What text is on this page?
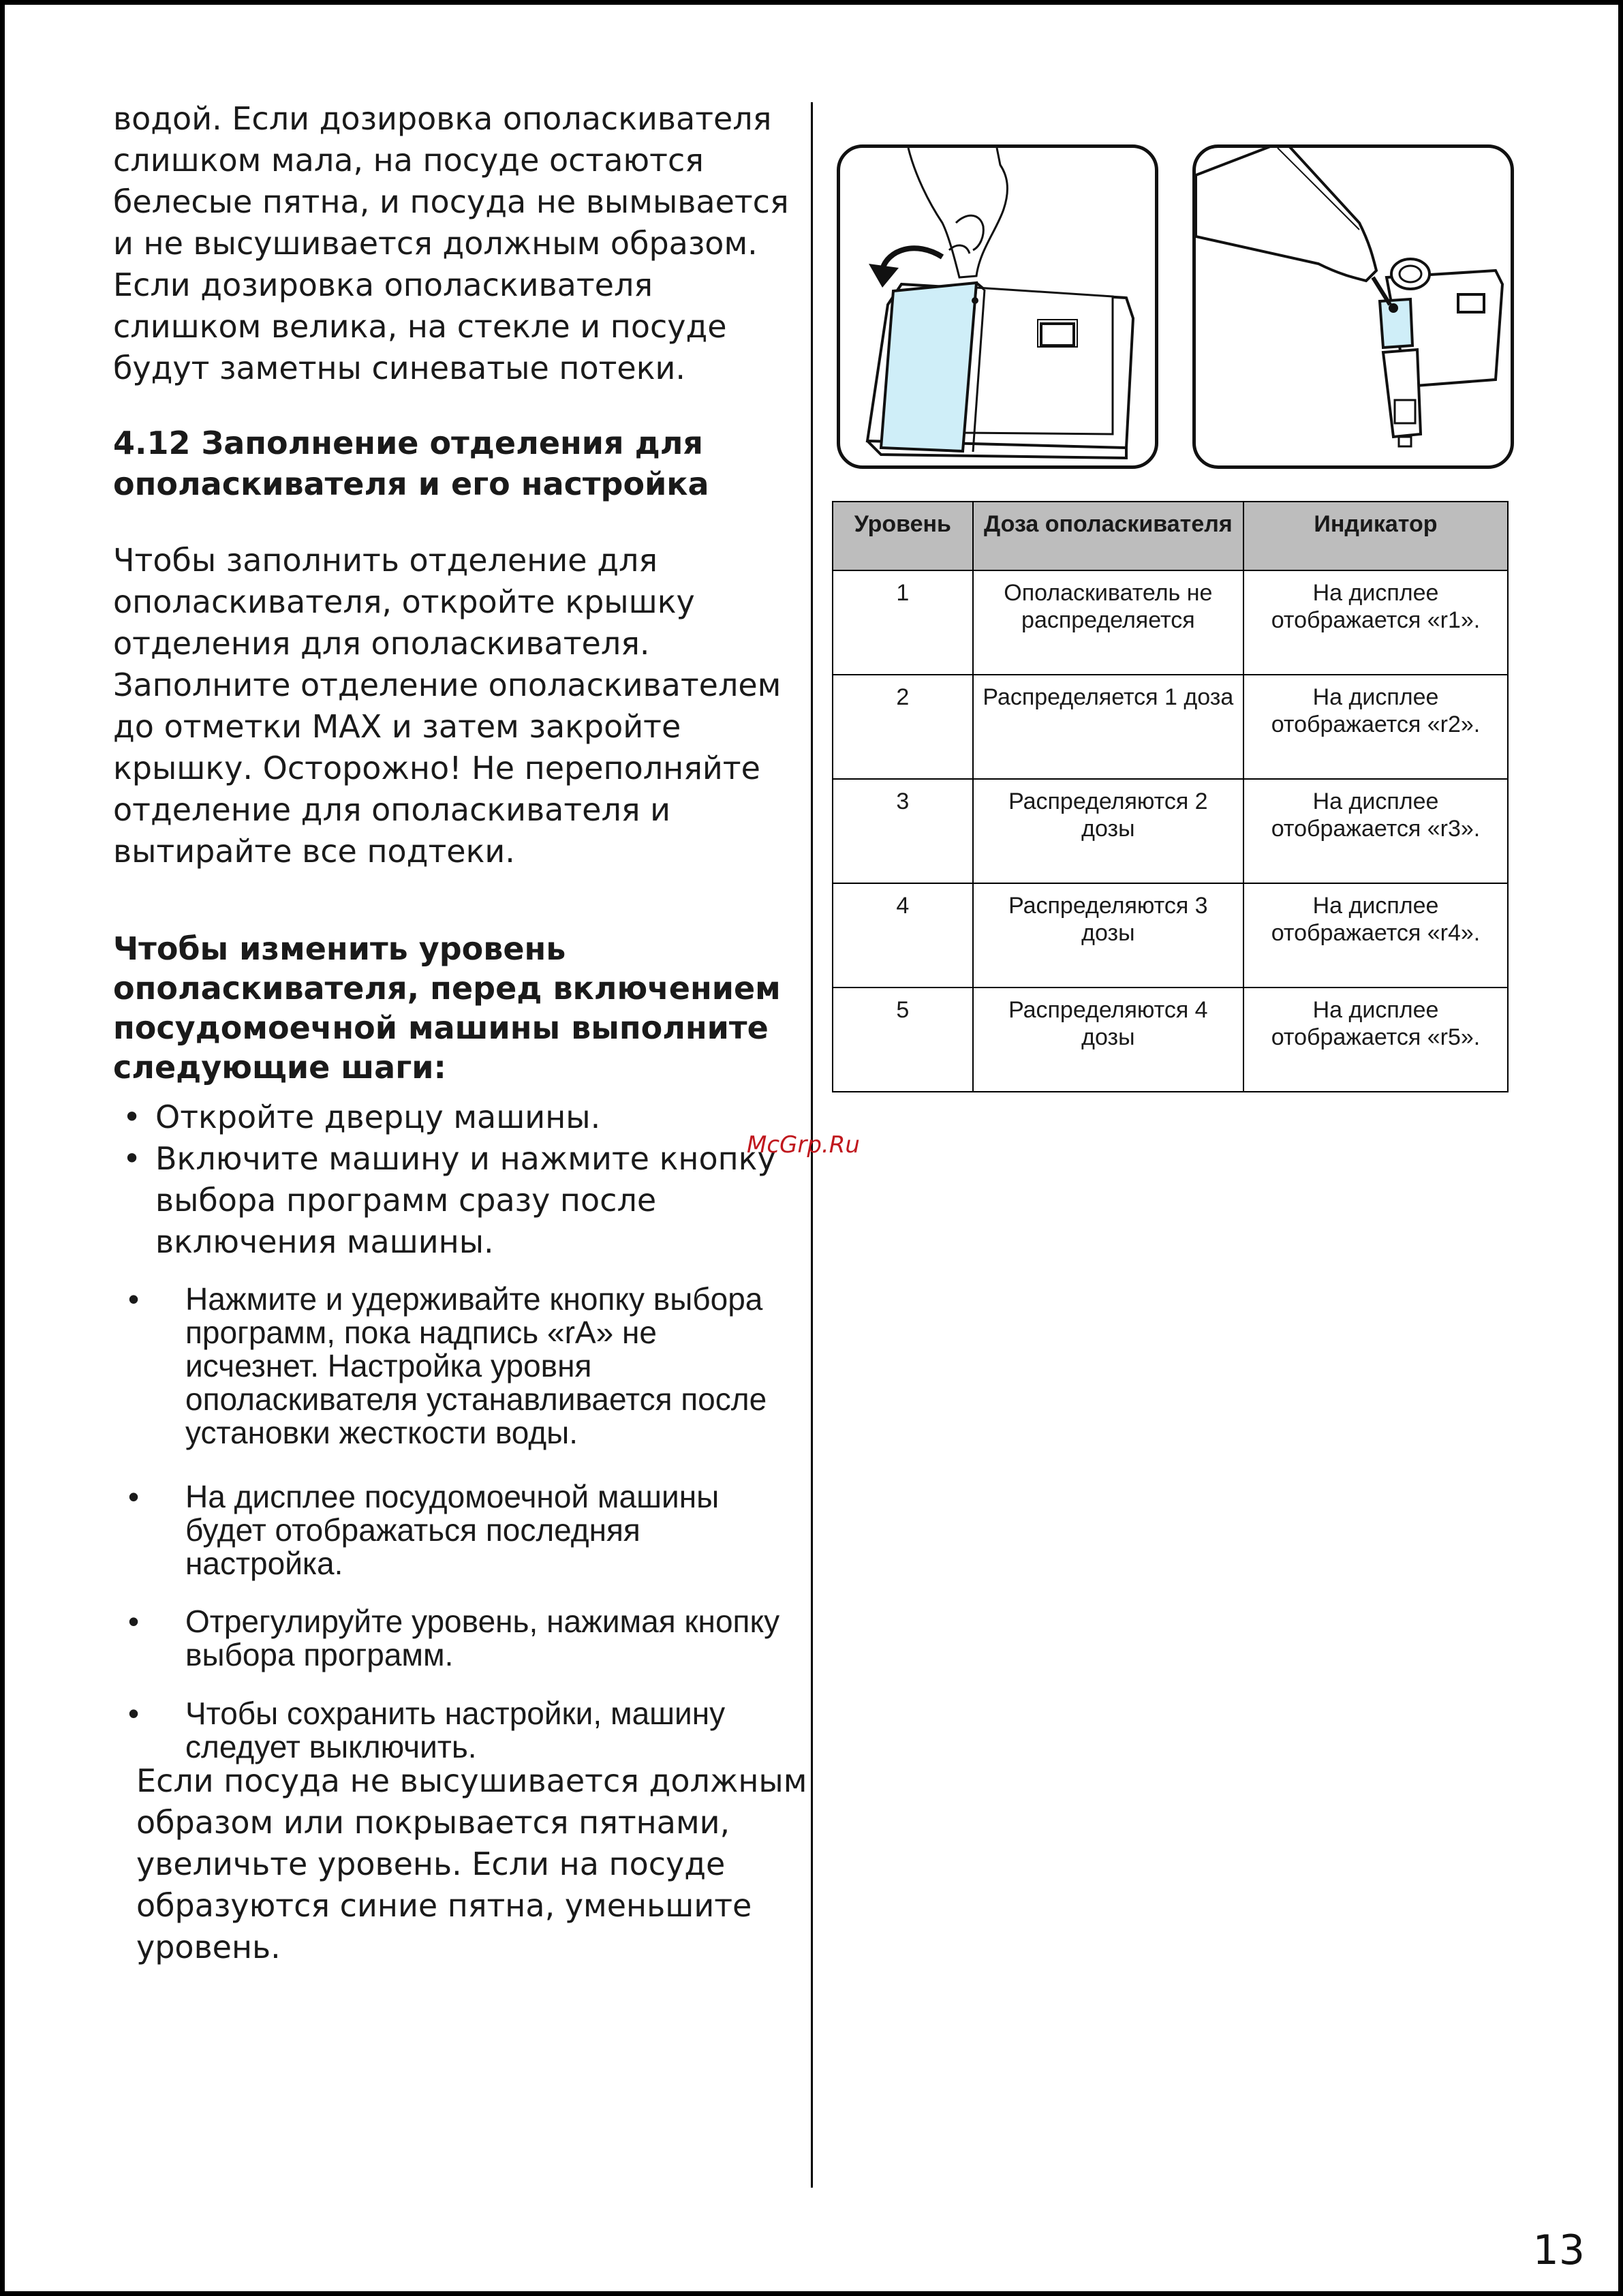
водой. Если дозировка ополаскивателя слишком мала, на посуде остаются белесые пятна, и посуда не вымывается и не высушивается должным образом. Если дозировка ополаскивателя слишком велика, на стекле и посуде будут заметны синеватые потеки.

4.12 Заполнение отделения для ополаскивателя и его настройка

Чтобы заполнить отделение для ополаскивателя, откройте крышку отделения для ополаскивателя. Заполните отделение ополаскивателем до отметки MAX и затем закройте крышку. Осторожно! Не переполняйте отделение для ополаскивателя и вытирайте все подтеки.

Чтобы изменить уровень ополаскивателя, перед включением посудомоечной машины выполните следующие шаги:

• Откройте дверцу машины.
• Включите машину и нажмите кнопку выбора программ сразу после включения машины.
• Нажмите и удерживайте кнопку выбора программ, пока надпись «rA» не исчезнет. Настройка уровня ополаскивателя устанавливается после установки жесткости воды.
• На дисплее посудомоечной машины будет отображаться последняя настройка.
• Отрегулируйте уровень, нажимая кнопку выбора программ.
• Чтобы сохранить настройки, машину следует выключить.

Если посуда не высушивается должным образом или покрывается пятнами, увеличьте уровень. Если на посуде образуются синие пятна, уменьшите уровень.

McGrp.Ru
Уровень	Доза ополаскивателя	Индикатор
1	Ополаскиватель не распределяется	На дисплее отображается «r1».
2	Распределяется 1 доза	На дисплее отображается «r2».
3	Распределяются 2 дозы	На дисплее отображается «r3».
4	Распределяются 3 дозы	На дисплее отображается «r4».
5	Распределяются 4 дозы	На дисплее отображается «r5».
13
